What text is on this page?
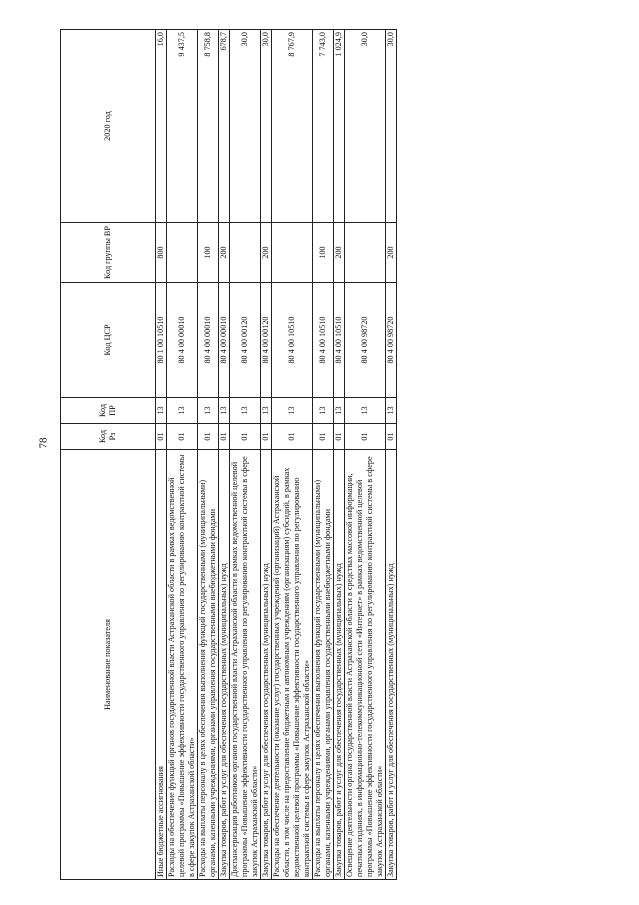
78
Наименование показателя	Код Рз	Код ПР	Код ЦСР	Код группы ВР	2020 год
Иные бюджетные ассигнования	01	13	80 1 00 10510	800	16,0
Расходы на обеспечение функций органов государственной власти Астраханской области в рамках ведомственной целевой программы «Повышение эффективности государственного управления по регулированию контрактной системы в сфере закупок Астраханской области»	01	13	80 4 00 00010		9 437,5
Расходы на выплаты персоналу в целях обеспечения выполнения функций государственными (муниципальными) органами, казенными учреждениями, органами управления государственными внебюджетными фондами	01	13	80 4 00 00010	100	8 758,8
Закупка товаров, работ и услуг для обеспечения государственных (муниципальных) нужд	01	13	80 4 00 00010	200	678,7
Диспансеризация работников органов государственной власти Астраханской области в рамках ведомственной целевой программы «Повышение эффективности государственного управления по регулированию контрактной системы в сфере закупок Астраханской области»	01	13	80 4 00 00120		30,0
Закупка товаров, работ и услуг для обеспечения государственных (муниципальных) нужд	01	13	80 4 00 00120	200	30,0
Расходы на обеспечение деятельности (оказание услуг) государственных учреждений (организаций) Астраханской области, в том числе на предоставление бюджетным и автономным учреждениям (организациям) субсидий, в рамках ведомственной целевой программы «Повышение эффективности государственного управления по регулированию контрактной системы в сфере закупок Астраханской области»	01	13	80 4 00 10510		8 767,9
Расходы на выплаты персоналу в целях обеспечения выполнения функций государственными (муниципальными) органами, казенными учреждениями, органами управления государственными внебюджетными фондами	01	13	80 4 00 10510	100	7 743,0
Закупка товаров, работ и услуг для обеспечения государственных (муниципальных) нужд	01	13	80 4 00 10510	200	1 024,9
Освещение деятельности органа государственной власти Астраханской области в средствах массовой информации, печатных изданиях, в информационно-телекоммуникационной сети «Интернет» в рамках ведомственной целевой программы «Повышение эффективности государственного управления по регулированию контрактной системы в сфере закупок Астраханской области»	01	13	80 4 00 98720		30,0
Закупка товаров, работ и услуг для обеспечения государственных (муниципальных) нужд	01	13	80 4 00 98720	200	30,0
